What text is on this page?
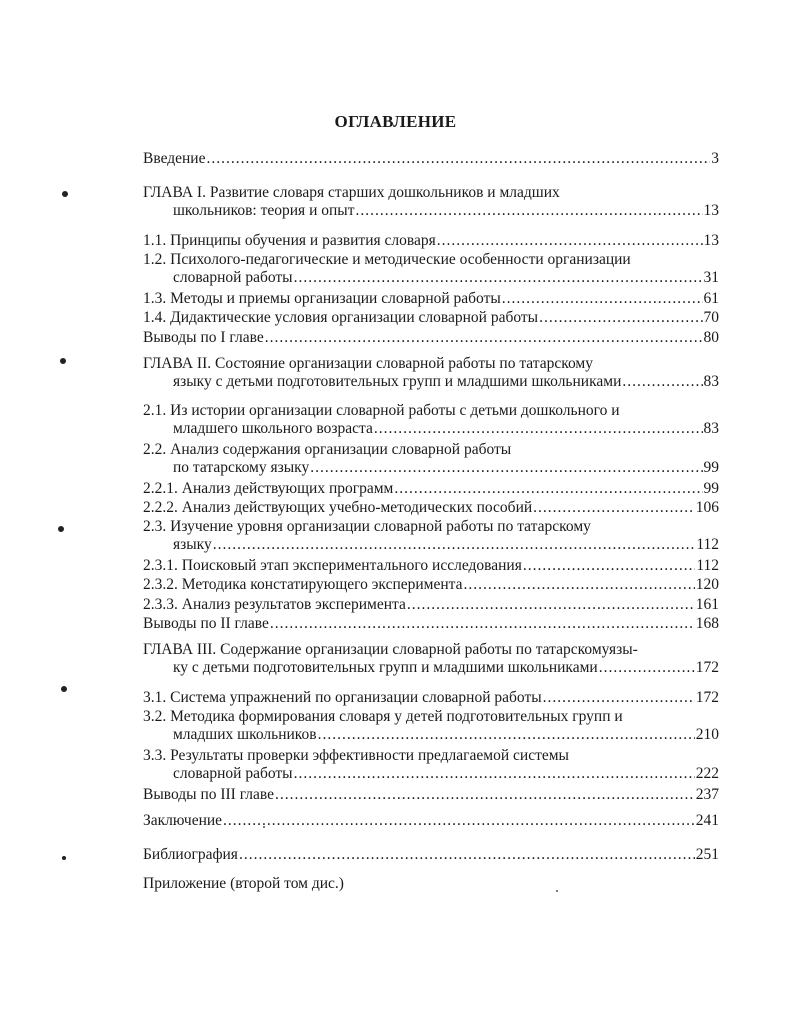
ОГЛАВЛЕНИЕ
Введение .....	3
ГЛАВА I. Развитие словаря старших дошкольников и младших
школьников: теория и опыт .....	13
1.1. Принципы обучения и развития словаря .....	13
1.2. Психолого-педагогические и методические особенности организации
словарной работы .....	31
1.3. Методы и приемы организации словарной работы .....	61
1.4. Дидактические условия организации словарной работы .....	70
Выводы по I главе .....	80
ГЛАВА II. Состояние организации словарной работы по татарскому
языку с детьми подготовительных групп и младшими школьниками .....	83
2.1. Из истории организации словарной работы с детьми дошкольного и
младшего школьного возраста .....	83
2.2. Анализ содержания организации словарной работы
по татарскому языку .....	99
2.2.1. Анализ действующих программ .....	99
2.2.2. Анализ действующих учебно-методических пособий .....	106
2.3. Изучение уровня организации словарной работы по татарскому
языку .....	112
2.3.1. Поисковый этап экспериментального исследования .....	112
2.3.2. Методика констатирующего эксперимента .....	120
2.3.3. Анализ результатов эксперимента .....	161
Выводы по II главе .....	168
ГЛАВА III. Содержание организации словарной работы по татарскомуязы-
ку с детьми подготовительных групп и младшими школьниками .....	172
3.1. Система упражнений по организации словарной работы .....	172
3.2. Методика формирования словаря у детей подготовительных групп и
младших школьников .....	210
3.3. Результаты проверки эффективности предлагаемой системы
словарной работы .....	222
Выводы по III главе .....	237
Заключение .....	241
Библиография .....	251
Приложение (второй том дис.)
